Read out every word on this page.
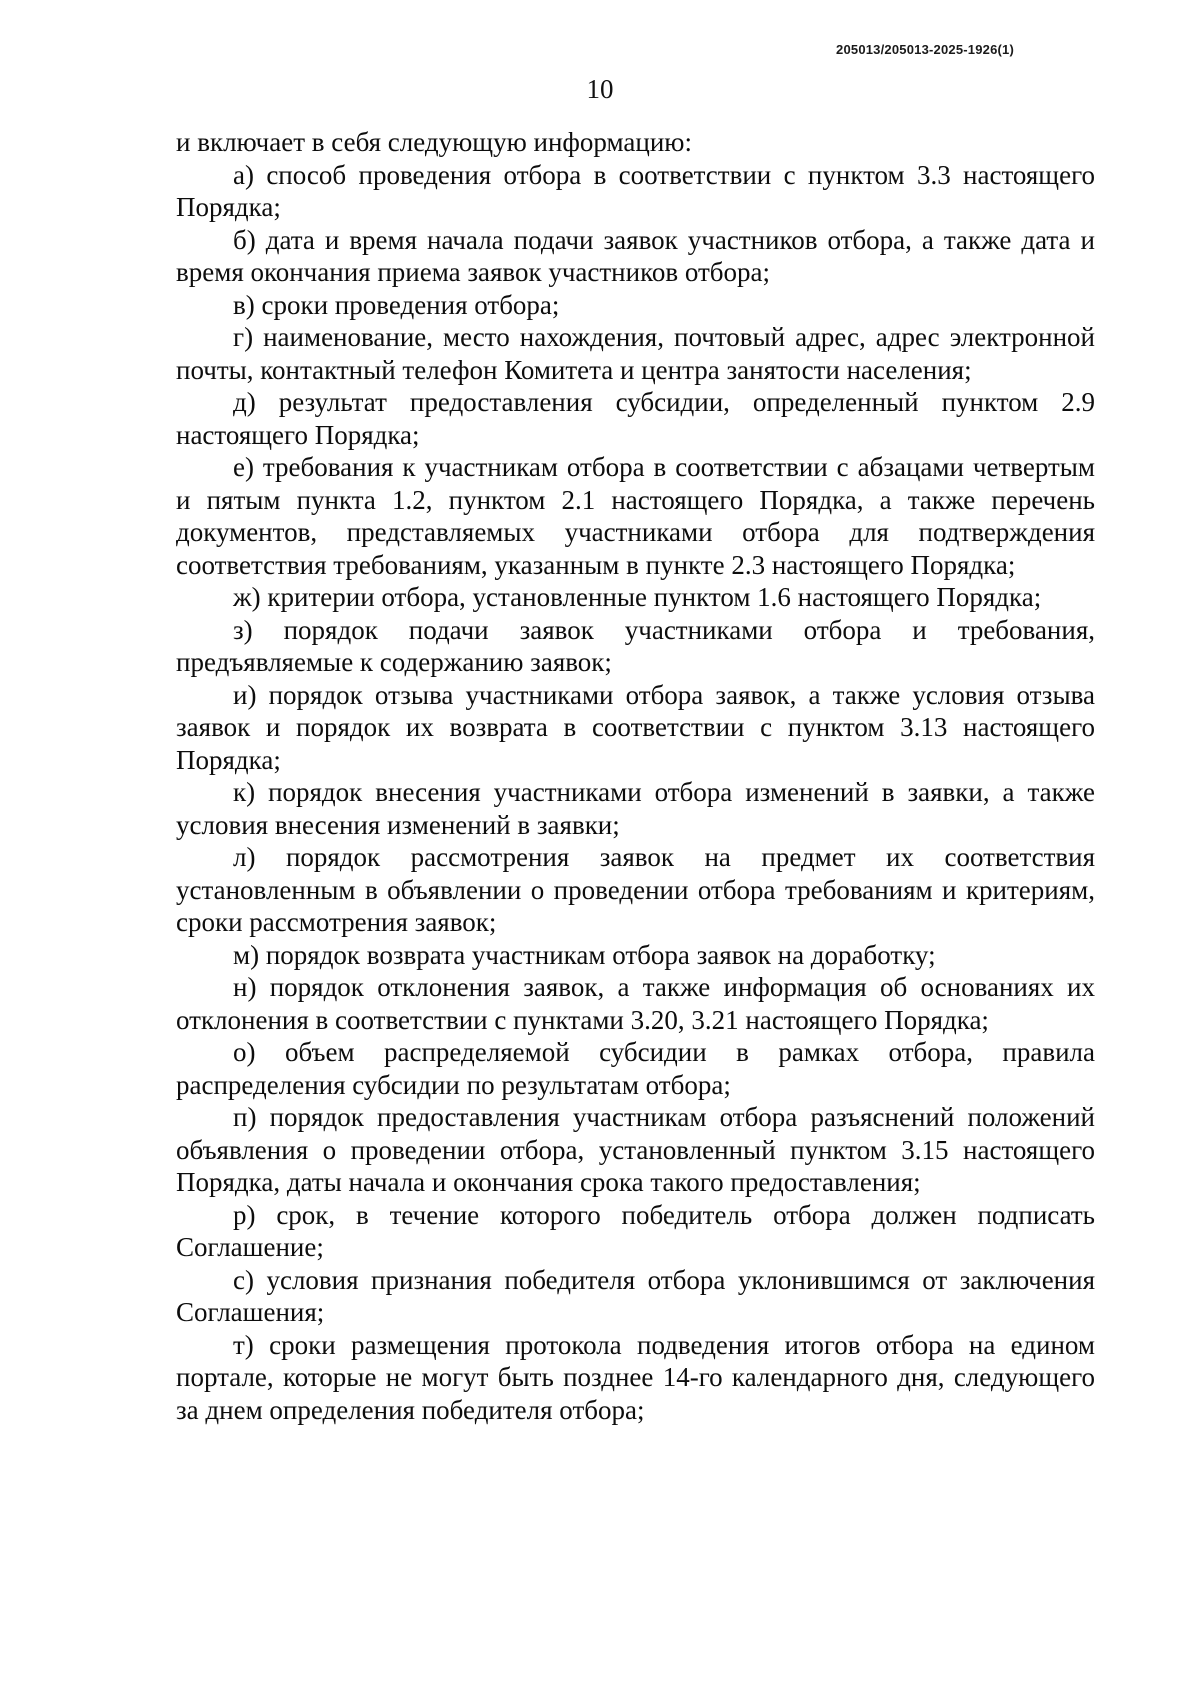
205013/205013-2025-1926(1)
10

и включает в себя следующую информацию:

а) способ проведения отбора в соответствии с пунктом 3.3 настоящего Порядка;

б) дата и время начала подачи заявок участников отбора, а также дата и время окончания приема заявок участников отбора;

в) сроки проведения отбора;

г) наименование, место нахождения, почтовый адрес, адрес электронной почты, контактный телефон Комитета и центра занятости населения;

д) результат предоставления субсидии, определенный пунктом 2.9 настоящего Порядка;

е) требования к участникам отбора в соответствии с абзацами четвертым и пятым пункта 1.2, пунктом 2.1 настоящего Порядка, а также перечень документов, представляемых участниками отбора для подтверждения соответствия требованиям, указанным в пункте 2.3 настоящего Порядка;

ж) критерии отбора, установленные пунктом 1.6 настоящего Порядка;

з) порядок подачи заявок участниками отбора и требования, предъявляемые к содержанию заявок;

и) порядок отзыва участниками отбора заявок, а также условия отзыва заявок и порядок их возврата в соответствии с пунктом 3.13 настоящего Порядка;

к) порядок внесения участниками отбора изменений в заявки, а также условия внесения изменений в заявки;

л) порядок рассмотрения заявок на предмет их соответствия установленным в объявлении о проведении отбора требованиям и критериям, сроки рассмотрения заявок;

м) порядок возврата участникам отбора заявок на доработку;

н) порядок отклонения заявок, а также информация об основаниях их отклонения в соответствии с пунктами 3.20, 3.21 настоящего Порядка;

о) объем распределяемой субсидии в рамках отбора, правила распределения субсидии по результатам отбора;

п) порядок предоставления участникам отбора разъяснений положений объявления о проведении отбора, установленный пунктом 3.15 настоящего Порядка, даты начала и окончания срока такого предоставления;

р) срок, в течение которого победитель отбора должен подписать Соглашение;

с) условия признания победителя отбора уклонившимся от заключения Соглашения;

т) сроки размещения протокола подведения итогов отбора на едином портале, которые не могут быть позднее 14-го календарного дня, следующего за днем определения победителя отбора;
